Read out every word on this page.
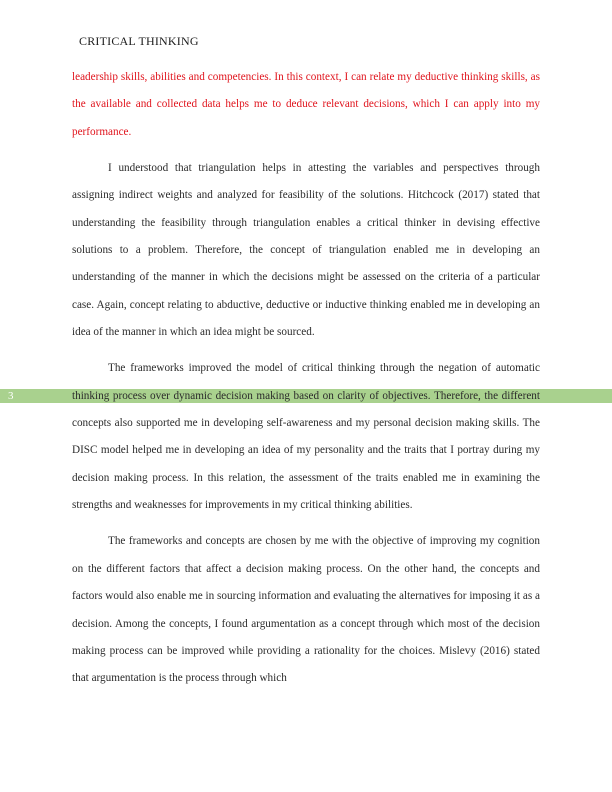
CRITICAL THINKING
3

leadership skills, abilities and competencies. In this context, I can relate my deductive thinking skills, as the available and collected data helps me to deduce relevant decisions, which I can apply into my performance.

I understood that triangulation helps in attesting the variables and perspectives through assigning indirect weights and analyzed for feasibility of the solutions. Hitchcock (2017) stated that understanding the feasibility through triangulation enables a critical thinker in devising effective solutions to a problem. Therefore, the concept of triangulation enabled me in developing an understanding of the manner in which the decisions might be assessed on the criteria of a particular case. Again, concept relating to abductive, deductive or inductive thinking enabled me in developing an idea of the manner in which an idea might be sourced.

The frameworks improved the model of critical thinking through the negation of automatic thinking process over dynamic decision making based on clarity of objectives. Therefore, the different concepts also supported me in developing self-awareness and my personal decision making skills. The DISC model helped me in developing an idea of my personality and the traits that I portray during my decision making process. In this relation, the assessment of the traits enabled me in examining the strengths and weaknesses for improvements in my critical thinking abilities.

The frameworks and concepts are chosen by me with the objective of improving my cognition on the different factors that affect a decision making process. On the other hand, the concepts and factors would also enable me in sourcing information and evaluating the alternatives for imposing it as a decision. Among the concepts, I found argumentation as a concept through which most of the decision making process can be improved while providing a rationality for the choices. Mislevy (2016) stated that argumentation is the process through which
